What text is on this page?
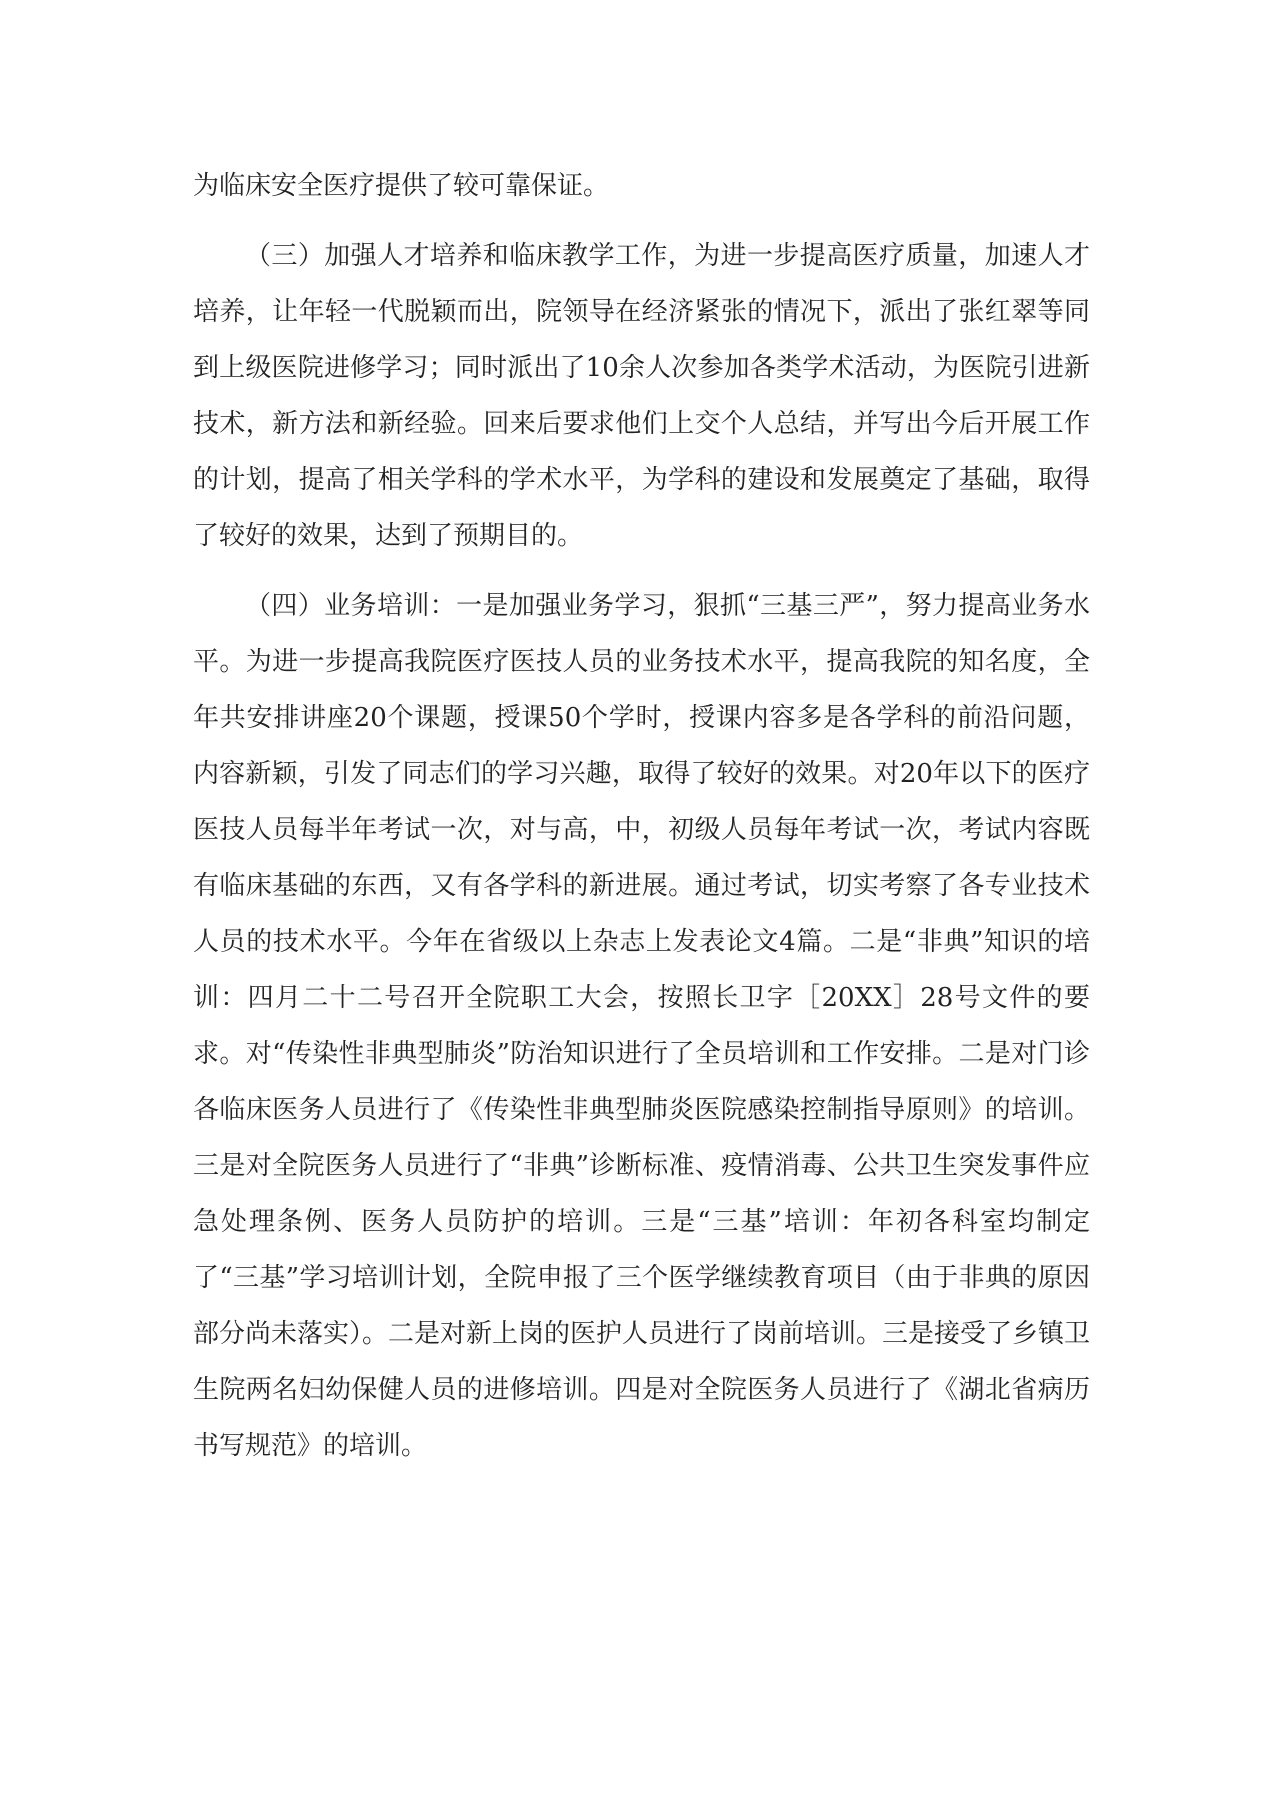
为临床安全医疗提供了较可靠保证。

（三）加强人才培养和临床教学工作，为进一步提高医疗质量，加速人才培养，让年轻一代脱颖而出，院领导在经济紧张的情况下，派出了张红翠等同到上级医院进修学习；同时派出了10余人次参加各类学术活动，为医院引进新技术，新方法和新经验。回来后要求他们上交个人总结，并写出今后开展工作的计划，提高了相关学科的学术水平，为学科的建设和发展奠定了基础，取得了较好的效果，达到了预期目的。

（四）业务培训：一是加强业务学习，狠抓“三基三严”，努力提高业务水平。为进一步提高我院医疗医技人员的业务技术水平，提高我院的知名度，全年共安排讲座20个课题，授课50个学时，授课内容多是各学科的前沿问题，内容新颖，引发了同志们的学习兴趣，取得了较好的效果。对20年以下的医疗医技人员每半年考试一次，对与高，中，初级人员每年考试一次，考试内容既有临床基础的东西，又有各学科的新进展。通过考试，切实考察了各专业技术人员的技术水平。今年在省级以上杂志上发表论文4篇。二是“非典”知识的培训：四月二十二号召开全院职工大会，按照长卫字［20XX］28号文件的要求。对“传染性非典型肺炎”防治知识进行了全员培训和工作安排。二是对门诊各临床医务人员进行了《传染性非典型肺炎医院感染控制指导原则》的培训。三是对全院医务人员进行了“非典”诊断标准、疫情消毒、公共卫生突发事件应急处理条例、医务人员防护的培训。三是“三基”培训：年初各科室均制定了“三基”学习培训计划，全院申报了三个医学继续教育项目（由于非典的原因部分尚未落实）。二是对新上岗的医护人员进行了岗前培训。三是接受了乡镇卫生院两名妇幼保健人员的进修培训。四是对全院医务人员进行了《湖北省病历书写规范》的培训。
